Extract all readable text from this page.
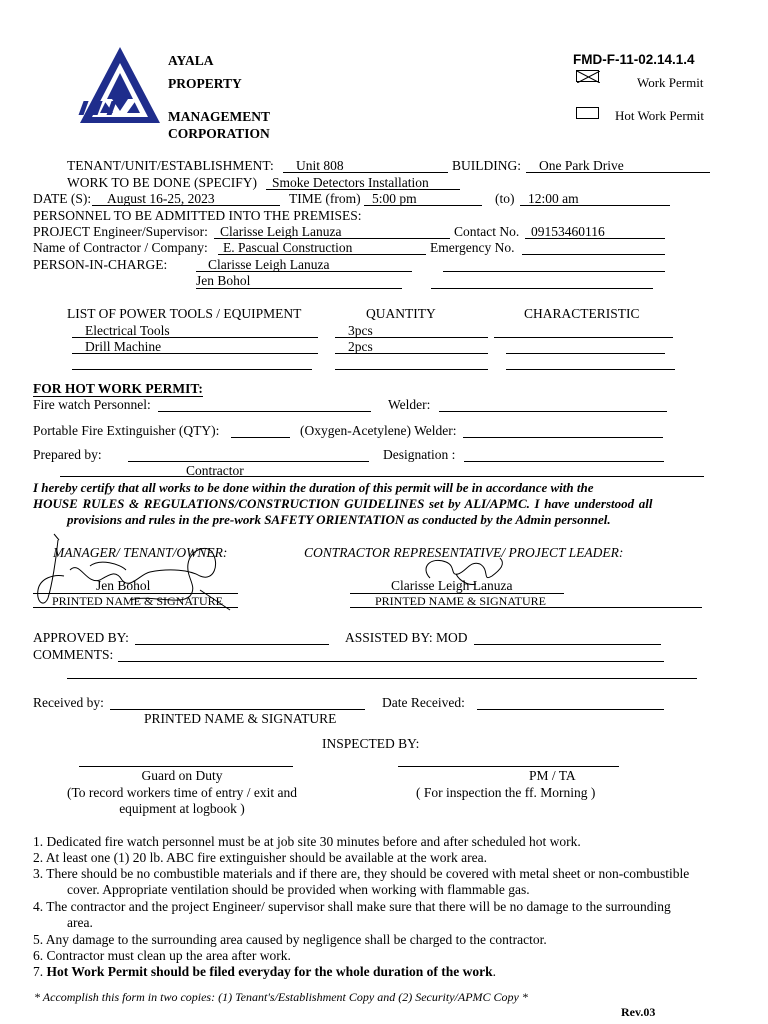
AYALA
PROPERTY
MANAGEMENT
CORPORATION
FMD-F-11-02.14.1.4
Work Permit
Hot Work Permit
TENANT/UNIT/ESTABLISHMENT: Unit 808	BUILDING: One Park Drive
WORK TO BE DONE (SPECIFY) Smoke Detectors Installation
DATE (S): August 16-25, 2023	TIME (from) 5:00 pm	(to) 12:00 am
PERSONNEL TO BE ADMITTED INTO THE PREMISES:
PROJECT Engineer/Supervisor: Clarisse Leigh Lanuza	Contact No. 09153460116
Name of Contractor / Company: E. Pascual Construction	Emergency No.
PERSON-IN-CHARGE:	Clarisse Leigh Lanuza
Jen Bohol
LIST OF POWER TOOLS / EQUIPMENT	QUANTITY	CHARACTERISTIC
Electrical Tools	3pcs
Drill Machine	2pcs
FOR HOT WORK PERMIT:
Fire watch Personnel:	Welder:
Portable Fire Extinguisher (QTY):	(Oxygen-Acetylene) Welder:
Prepared by:	Designation :
Contractor
I hereby certify that all works to be done within the duration of this permit will be in accordance with the
HOUSE RULES & REGULATIONS/CONSTRUCTION GUIDELINES set by ALI/APMC. I have understood all
provisions and rules in the pre-work SAFETY ORIENTATION as conducted by the Admin personnel.
MANAGER/ TENANT/OWNER:	CONTRACTOR REPRESENTATIVE/ PROJECT LEADER:
Jen Bohol
PRINTED NAME & SIGNATURE
Clarisse Leigh Lanuza
PRINTED NAME & SIGNATURE
APPROVED BY:	ASSISTED BY: MOD
COMMENTS:
Received by:	Date Received:
PRINTED NAME & SIGNATURE
INSPECTED BY:
Guard on Duty
(To record workers time of entry / exit and
equipment at logbook )
PM / TA
( For inspection the ff. Morning )
1. Dedicated fire watch personnel must be at job site 30 minutes before and after scheduled hot work.
2. At least one (1) 20 lb. ABC fire extinguisher should be available at the work area.
3. There should be no combustible materials and if there are, they should be covered with metal sheet or non-combustible
cover. Appropriate ventilation should be provided when working with flammable gas.
4. The contractor and the project Engineer/ supervisor shall make sure that there will be no damage to the surrounding
area.
5. Any damage to the surrounding area caused by negligence shall be charged to the contractor.
6. Contractor must clean up the area after work.
7. Hot Work Permit should be filed everyday for the whole duration of the work.
* Accomplish this form in two copies: (1) Tenant's/Establishment Copy and (2) Security/APMC Copy *
Rev.03
